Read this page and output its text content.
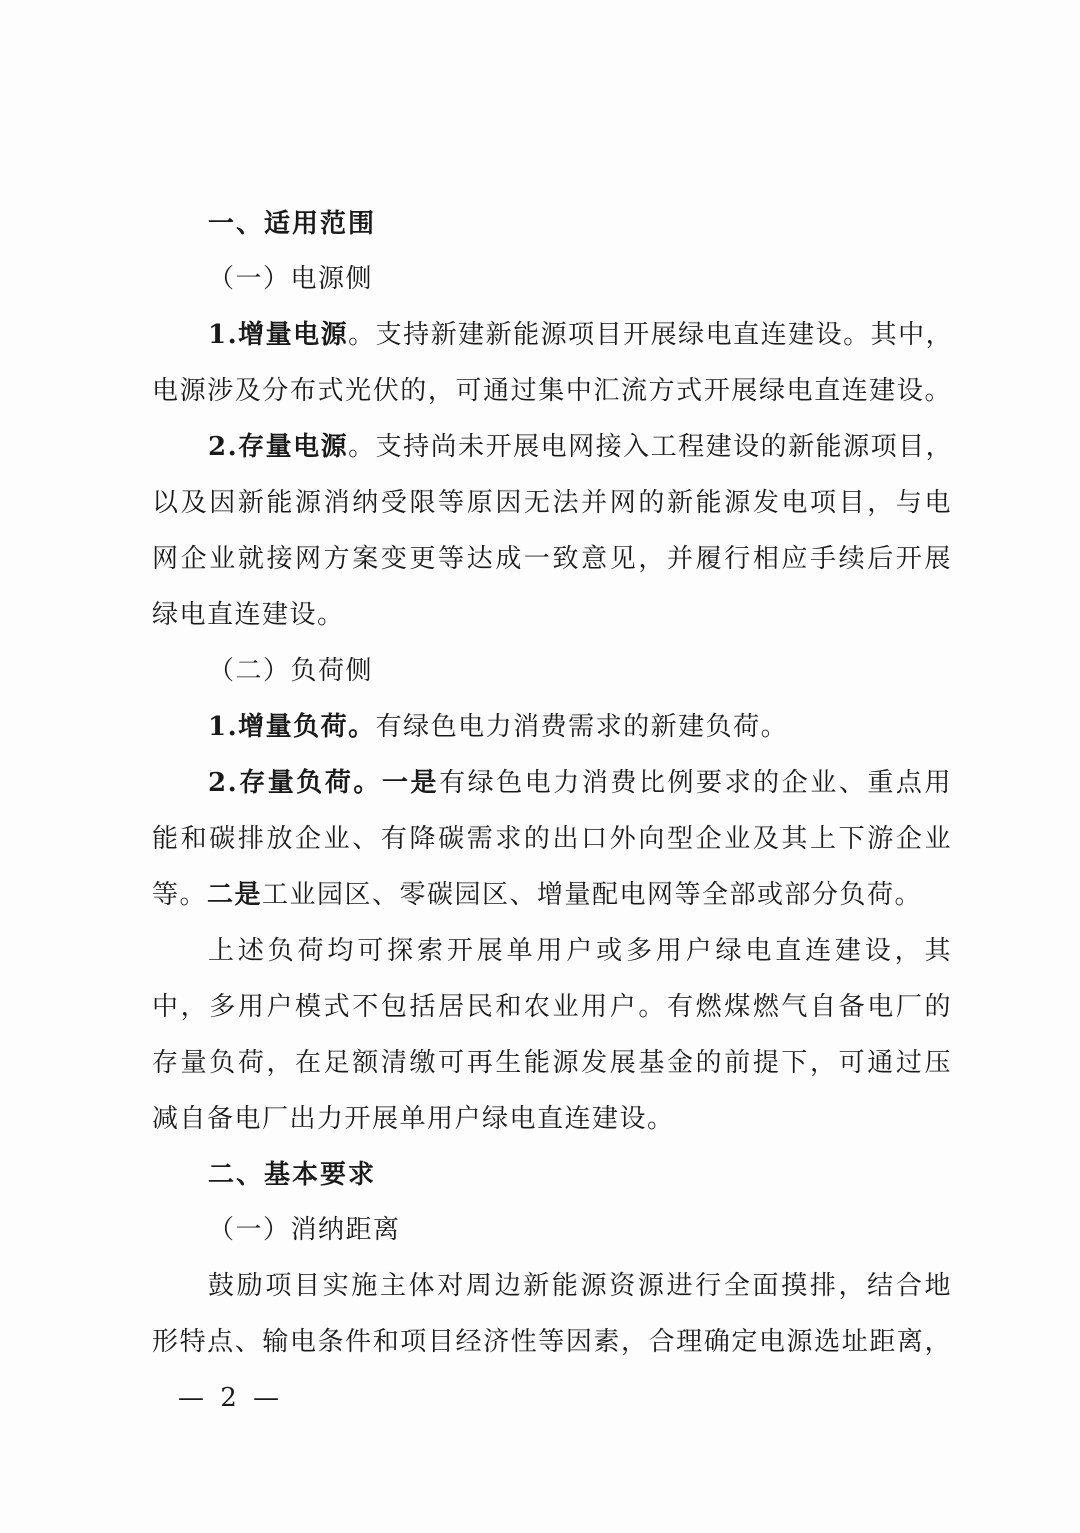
一、适用范围
（一）电源侧
1.增量电源。支持新建新能源项目开展绿电直连建设。其中，
电源涉及分布式光伏的，可通过集中汇流方式开展绿电直连建设。
2.存量电源。支持尚未开展电网接入工程建设的新能源项目，
以及因新能源消纳受限等原因无法并网的新能源发电项目，与电
网企业就接网方案变更等达成一致意见，并履行相应手续后开展
绿电直连建设。
（二）负荷侧
1.增量负荷。有绿色电力消费需求的新建负荷。
2.存量负荷。一是有绿色电力消费比例要求的企业、重点用
能和碳排放企业、有降碳需求的出口外向型企业及其上下游企业
等。二是工业园区、零碳园区、增量配电网等全部或部分负荷。
上述负荷均可探索开展单用户或多用户绿电直连建设，其
中，多用户模式不包括居民和农业用户。有燃煤燃气自备电厂的
存量负荷，在足额清缴可再生能源发展基金的前提下，可通过压
减自备电厂出力开展单用户绿电直连建设。
二、基本要求
（一）消纳距离
鼓励项目实施主体对周边新能源资源进行全面摸排，结合地
形特点、输电条件和项目经济性等因素，合理确定电源选址距离，
— 2 —
